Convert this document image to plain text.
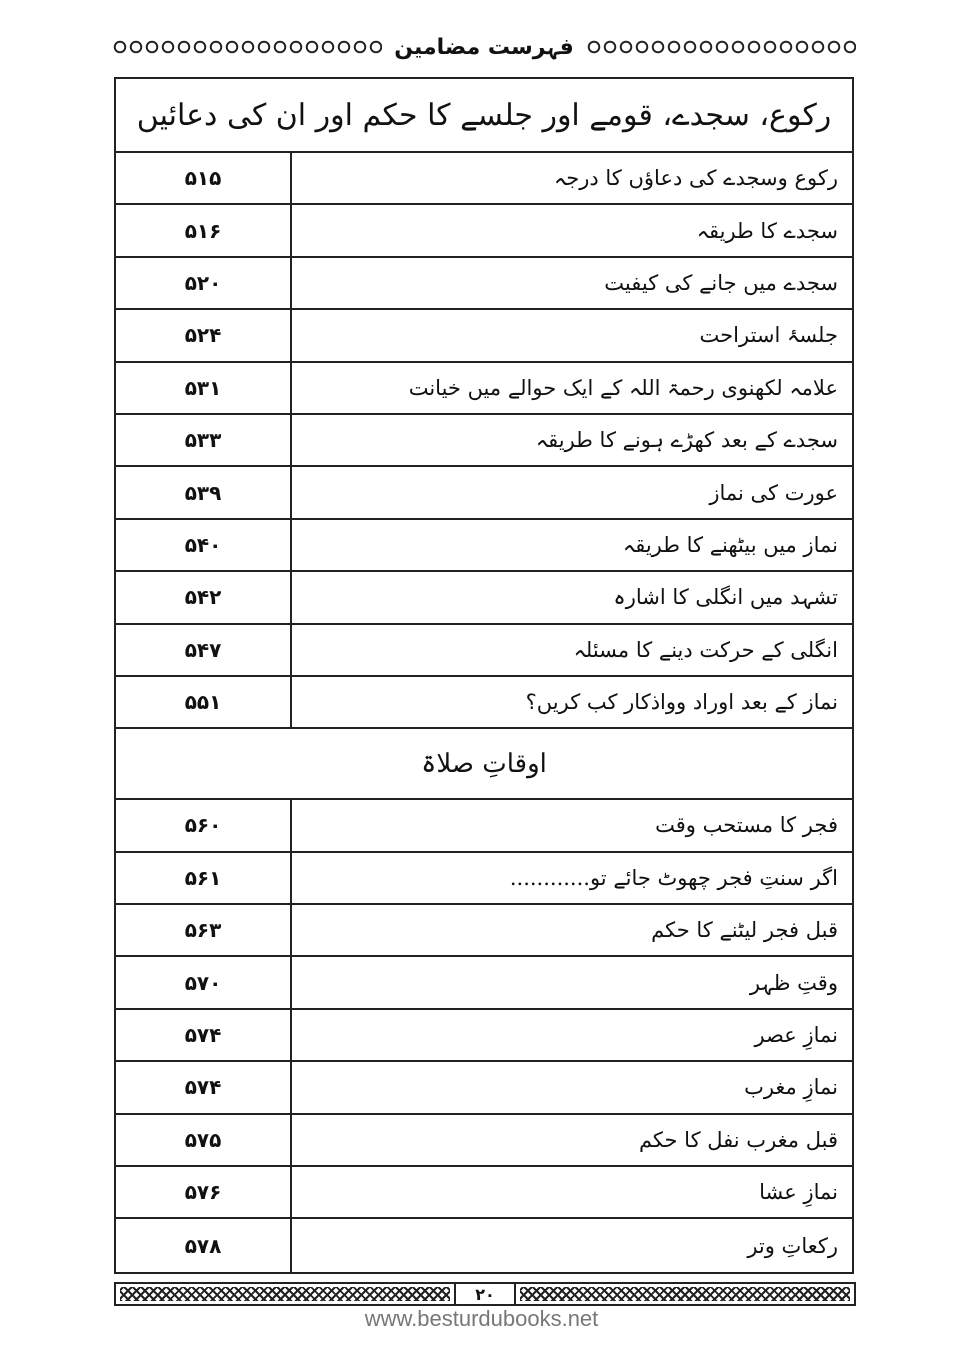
فہرست مضامین
رکوع، سجدے، قومے اور جلسے کا حکم اور ان کی دعائیں
۵۱۵	رکوع وسجدے کی دعاؤں کا درجہ
۵۱۶	سجدے کا طریقہ
۵۲۰	سجدے میں جانے کی کیفیت
۵۲۴	جلسۂ استراحت
۵۳۱	علامہ لکھنوی رحمۃ اللہ کے ایک حوالے میں خیانت
۵۳۳	سجدے کے بعد کھڑے ہونے کا طریقہ
۵۳۹	عورت کی نماز
۵۴۰	نماز میں بیٹھنے کا طریقہ
۵۴۲	تشہد میں انگلی کا اشارہ
۵۴۷	انگلی کے حرکت دینے کا مسئلہ
۵۵۱	نماز کے بعد اوراد وواذکار کب کریں؟
اوقاتِ صلاۃ
۵۶۰	فجر کا مستحب وقت
۵۶۱	اگر سنتِ فجر چھوٹ جائے تو............
۵۶۳	قبل فجر لیٹنے کا حکم
۵۷۰	وقتِ ظہر
۵۷۴	نمازِ عصر
۵۷۴	نمازِ مغرب
۵۷۵	قبل مغرب نفل کا حکم
۵۷۶	نمازِ عشا
۵۷۸	رکعاتِ وتر
۲۰
www.besturdubooks.net
